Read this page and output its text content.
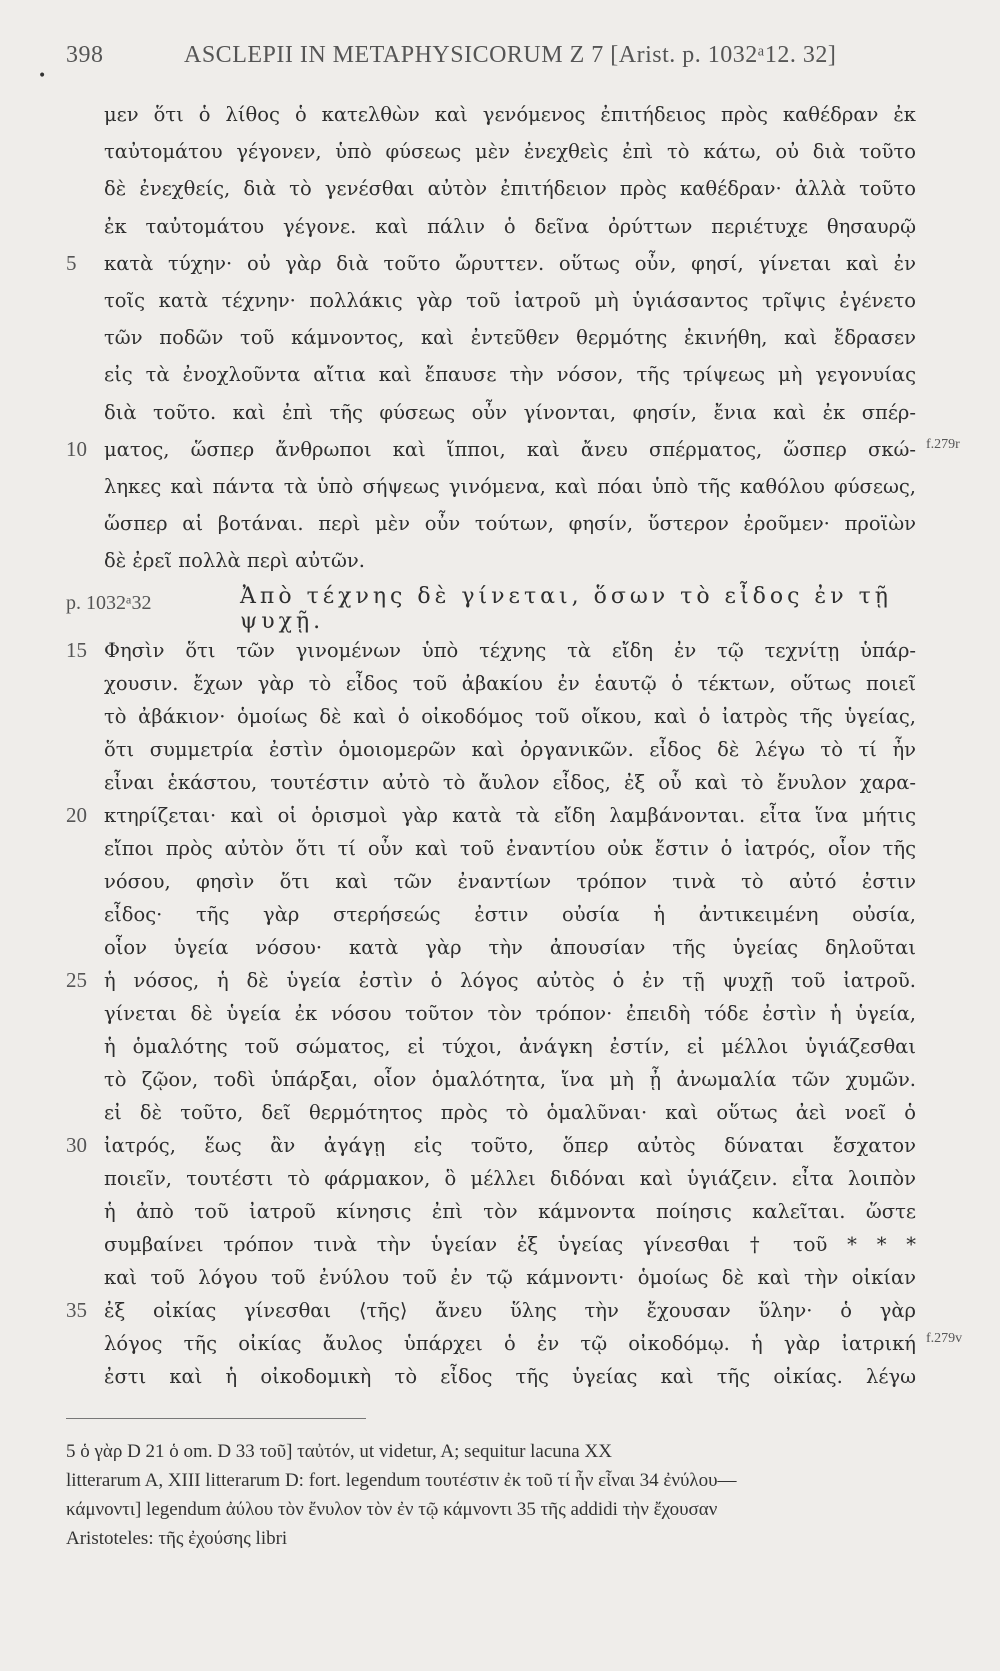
398	ASCLEPII IN METAPHYSICORUM Z 7 [Arist. p. 1032ᵃ12. 32]
•
μεν ὅτι ὁ λίθος ὁ κατελθὼν καὶ γενόμενος ἐπιτήδειος πρὸς καθέδραν ἐκ
ταὐτομάτου γέγονεν, ὑπὸ φύσεως μὲν ἐνεχθεὶς ἐπὶ τὸ κάτω, οὐ διὰ τοῦτο
δὲ ἐνεχθείς, διὰ τὸ γενέσθαι αὐτὸν ἐπιτήδειον πρὸς καθέδραν· ἀλλὰ τοῦτο
ἐκ ταὐτομάτου γέγονε. καὶ πάλιν ὁ δεῖνα ὀρύττων περιέτυχε θησαυρῷ
5 κατὰ τύχην· οὐ γὰρ διὰ τοῦτο ὤρυττεν. οὕτως οὖν, φησί, γίνεται καὶ ἐν
τοῖς κατὰ τέχνην· πολλάκις γὰρ τοῦ ἰατροῦ μὴ ὑγιάσαντος τρῖψις ἐγένετο
τῶν ποδῶν τοῦ κάμνοντος, καὶ ἐντεῦθεν θερμότης ἐκινήθη, καὶ ἔδρασεν
εἰς τὰ ἐνοχλοῦντα αἴτια καὶ ἔπαυσε τὴν νόσον, τῆς τρίψεως μὴ γεγονυίας
διὰ τοῦτο. καὶ ἐπὶ τῆς φύσεως οὖν γίνονται, φησίν, ἔνια καὶ ἐκ σπέρ-
10 ματος, ὥσπερ ἄνθρωποι καὶ ἵπποι, καὶ ἄνευ σπέρματος, ὥσπερ σκώ- f.279r
ληκες καὶ πάντα τὰ ὑπὸ σήψεως γινόμενα, καὶ πόαι ὑπὸ τῆς καθόλου φύσεως,
ὥσπερ αἱ βοτάναι. περὶ μὲν οὖν τούτων, φησίν, ὕστερον ἐροῦμεν· προϊὼν
δὲ ἐρεῖ πολλὰ περὶ αὐτῶν.
p. 1032ᵃ32	Ἀπὸ τέχνης δὲ γίνεται, ὅσων τὸ εἶδος ἐν τῇ ψυχῇ.
15 Φησὶν ὅτι τῶν γινομένων ὑπὸ τέχνης τὰ εἴδη ἐν τῷ τεχνίτῃ ὑπάρ-
χουσιν. ἔχων γὰρ τὸ εἶδος τοῦ ἀβακίου ἐν ἑαυτῷ ὁ τέκτων, οὕτως ποιεῖ
τὸ ἀβάκιον· ὁμοίως δὲ καὶ ὁ οἰκοδόμος τοῦ οἴκου, καὶ ὁ ἰατρὸς τῆς ὑγείας,
ὅτι συμμετρία ἐστὶν ὁμοιομερῶν καὶ ὀργανικῶν. εἶδος δὲ λέγω τὸ τί ἦν
εἶναι ἑκάστου, τουτέστιν αὐτὸ τὸ ἄυλον εἶδος, ἐξ οὗ καὶ τὸ ἔνυλον χαρα-
20 κτηρίζεται· καὶ οἱ ὁρισμοὶ γὰρ κατὰ τὰ εἴδη λαμβάνονται. εἶτα ἵνα μήτις
εἴποι πρὸς αὐτὸν ὅτι τί οὖν καὶ τοῦ ἐναντίου οὐκ ἔστιν ὁ ἰατρός, οἷον τῆς
νόσου, φησὶν ὅτι καὶ τῶν ἐναντίων τρόπον τινὰ τὸ αὐτό ἐστιν
εἶδος· τῆς γὰρ στερήσεώς ἐστιν οὐσία ἡ ἀντικειμένη οὐσία,
οἷον ὑγεία νόσου· κατὰ γὰρ τὴν ἀπουσίαν τῆς ὑγείας δηλοῦται
25 ἡ νόσος, ἡ δὲ ὑγεία ἐστὶν ὁ λόγος αὐτὸς ὁ ἐν τῇ ψυχῇ τοῦ ἰατροῦ.
γίνεται δὲ ὑγεία ἐκ νόσου τοῦτον τὸν τρόπον· ἐπειδὴ τόδε ἐστὶν ἡ ὑγεία,
ἡ ὁμαλότης τοῦ σώματος, εἰ τύχοι, ἀνάγκη ἐστίν, εἰ μέλλοι ὑγιάζεσθαι
τὸ ζῷον, τοδὶ ὑπάρξαι, οἷον ὁμαλότητα, ἵνα μὴ ᾖ ἀνωμαλία τῶν χυμῶν.
εἰ δὲ τοῦτο, δεῖ θερμότητος πρὸς τὸ ὁμαλῦναι· καὶ οὕτως ἀεὶ νοεῖ ὁ
30 ἰατρός, ἕως ἂν ἀγάγῃ εἰς τοῦτο, ὅπερ αὐτὸς δύναται ἔσχατον
ποιεῖν, τουτέστι τὸ φάρμακον, ὃ μέλλει διδόναι καὶ ὑγιάζειν. εἶτα λοιπὸν
ἡ ἀπὸ τοῦ ἰατροῦ κίνησις ἐπὶ τὸν κάμνοντα ποίησις καλεῖται. ὥστε
συμβαίνει τρόπον τινὰ τὴν ὑγείαν ἐξ ὑγείας γίνεσθαι † τοῦ * * *
καὶ τοῦ λόγου τοῦ ἐνύλου τοῦ ἐν τῷ κάμνοντι· ὁμοίως δὲ καὶ τὴν οἰκίαν
35 ἐξ οἰκίας γίνεσθαι ⟨τῆς⟩ ἄνευ ὕλης τὴν ἔχουσαν ὕλην· ὁ γὰρ
λόγος τῆς οἰκίας ἄυλος ὑπάρχει ὁ ἐν τῷ οἰκοδόμῳ. ἡ γὰρ ἰατρική f.279v
ἐστι καὶ ἡ οἰκοδομικὴ τὸ εἶδος τῆς ὑγείας καὶ τῆς οἰκίας. λέγω
5 ὁ γὰρ D 21 ὁ om. D 33 τοῦ] ταὐτόν, ut videtur, A; sequitur lacuna XX
litterarum A, XIII litterarum D: fort. legendum τουτέστιν ἐκ τοῦ τί ἦν εἶναι 34 ἐνύλου—
κάμνοντι] legendum ἀύλου τὸν ἔνυλον τὸν ἐν τῷ κάμνοντι 35 τῆς addidi τὴν ἔχουσαν
Aristoteles: τῆς ἐχούσης libri
